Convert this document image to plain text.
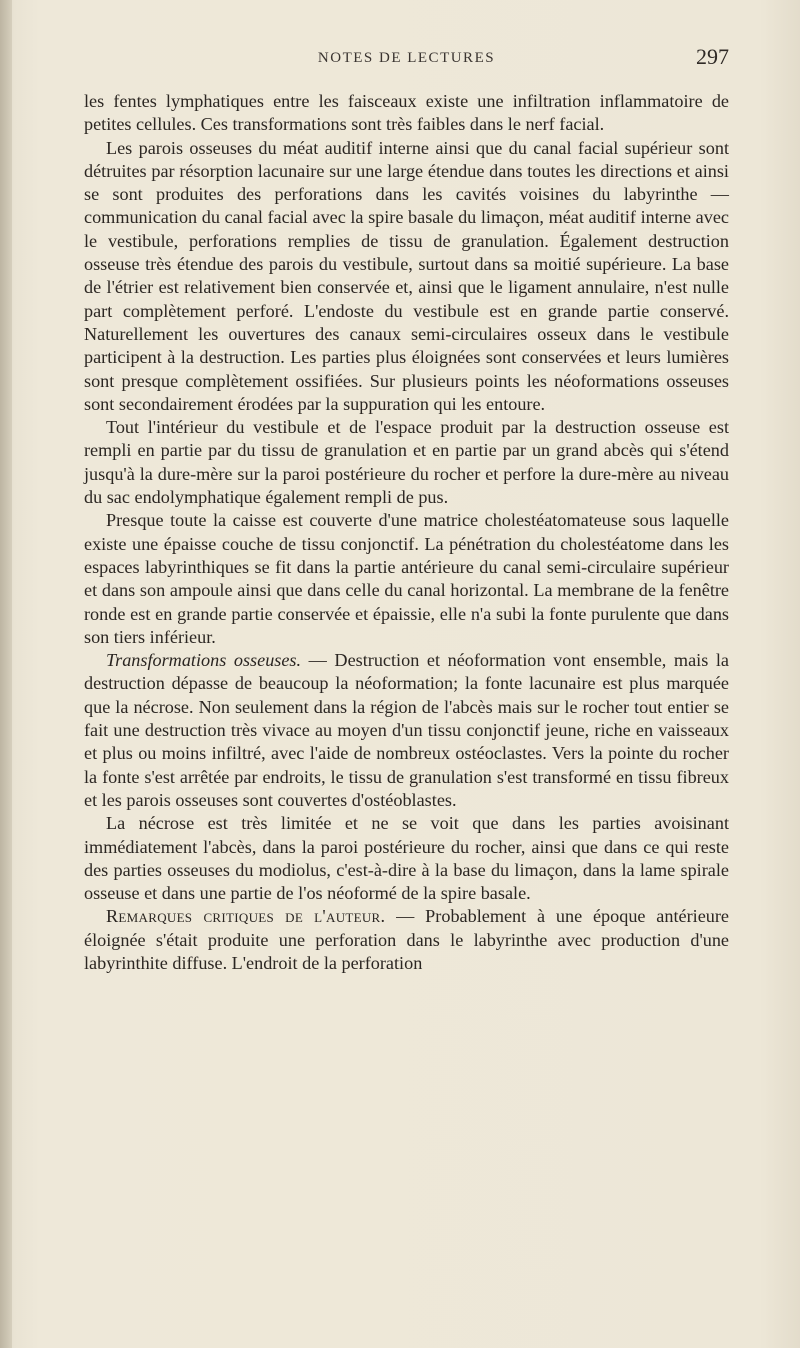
NOTES DE LECTURES	297

les fentes lymphatiques entre les faisceaux existe une infiltration inflammatoire de petites cellules. Ces transformations sont très faibles dans le nerf facial.

Les parois osseuses du méat auditif interne ainsi que du canal facial supérieur sont détruites par résorption lacunaire sur une large étendue dans toutes les directions et ainsi se sont produites des perforations dans les cavités voisines du labyrinthe — communication du canal facial avec la spire basale du limaçon, méat auditif interne avec le vestibule, perforations remplies de tissu de granulation. Également destruction osseuse très étendue des parois du vestibule, surtout dans sa moitié supérieure. La base de l'étrier est relativement bien conservée et, ainsi que le ligament annulaire, n'est nulle part complètement perforé. L'endoste du vestibule est en grande partie conservé. Naturellement les ouvertures des canaux semi-circulaires osseux dans le vestibule participent à la destruction. Les parties plus éloignées sont conservées et leurs lumières sont presque complètement ossifiées. Sur plusieurs points les néoformations osseuses sont secondairement érodées par la suppuration qui les entoure.

Tout l'intérieur du vestibule et de l'espace produit par la destruction osseuse est rempli en partie par du tissu de granulation et en partie par un grand abcès qui s'étend jusqu'à la dure-mère sur la paroi postérieure du rocher et perfore la dure-mère au niveau du sac endolymphatique également rempli de pus.

Presque toute la caisse est couverte d'une matrice cholestéatomateuse sous laquelle existe une épaisse couche de tissu conjonctif. La pénétration du cholestéatome dans les espaces labyrinthiques se fit dans la partie antérieure du canal semi-circulaire supérieur et dans son ampoule ainsi que dans celle du canal horizontal. La membrane de la fenêtre ronde est en grande partie conservée et épaissie, elle n'a subi la fonte purulente que dans son tiers inférieur.

Transformations osseuses. — Destruction et néoformation vont ensemble, mais la destruction dépasse de beaucoup la néoformation; la fonte lacunaire est plus marquée que la nécrose. Non seulement dans la région de l'abcès mais sur le rocher tout entier se fait une destruction très vivace au moyen d'un tissu conjonctif jeune, riche en vaisseaux et plus ou moins infiltré, avec l'aide de nombreux ostéoclastes. Vers la pointe du rocher la fonte s'est arrêtée par endroits, le tissu de granulation s'est transformé en tissu fibreux et les parois osseuses sont couvertes d'ostéoblastes.

La nécrose est très limitée et ne se voit que dans les parties avoisinant immédiatement l'abcès, dans la paroi postérieure du rocher, ainsi que dans ce qui reste des parties osseuses du modiolus, c'est-à-dire à la base du limaçon, dans la lame spirale osseuse et dans une partie de l'os néoformé de la spire basale.

Remarques critiques de l'auteur. — Probablement à une époque antérieure éloignée s'était produite une perforation dans le labyrinthe avec production d'une labyrinthite diffuse. L'endroit de la perforation
